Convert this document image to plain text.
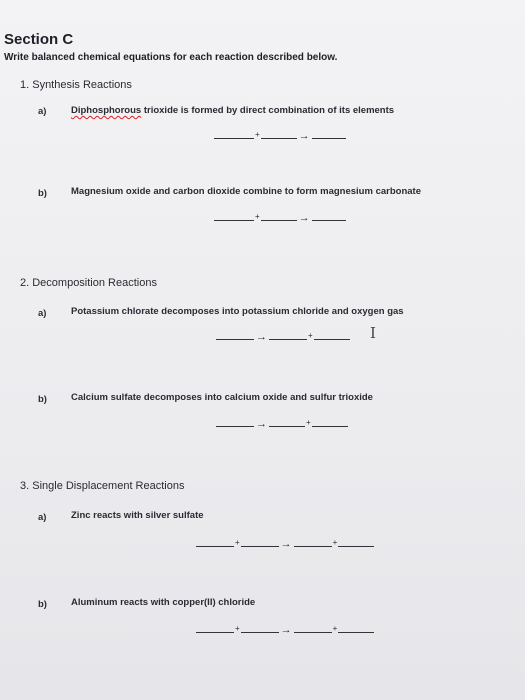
Section C
Write balanced chemical equations for each reaction described below.
1. Synthesis Reactions
a)	Diphosphorous trioxide is formed by direct combination of its elements
+	→
b)	Magnesium oxide and carbon dioxide combine to form magnesium carbonate
+	→
2. Decomposition Reactions
a)	Potassium chlorate decomposes into potassium chloride and oxygen gas
→	+	I
b)	Calcium sulfate decomposes into calcium oxide and sulfur trioxide
→	+
3. Single Displacement Reactions
a)	Zinc reacts with silver sulfate
+	→	+
b)	Aluminum reacts with copper(II) chloride
+	→	+
